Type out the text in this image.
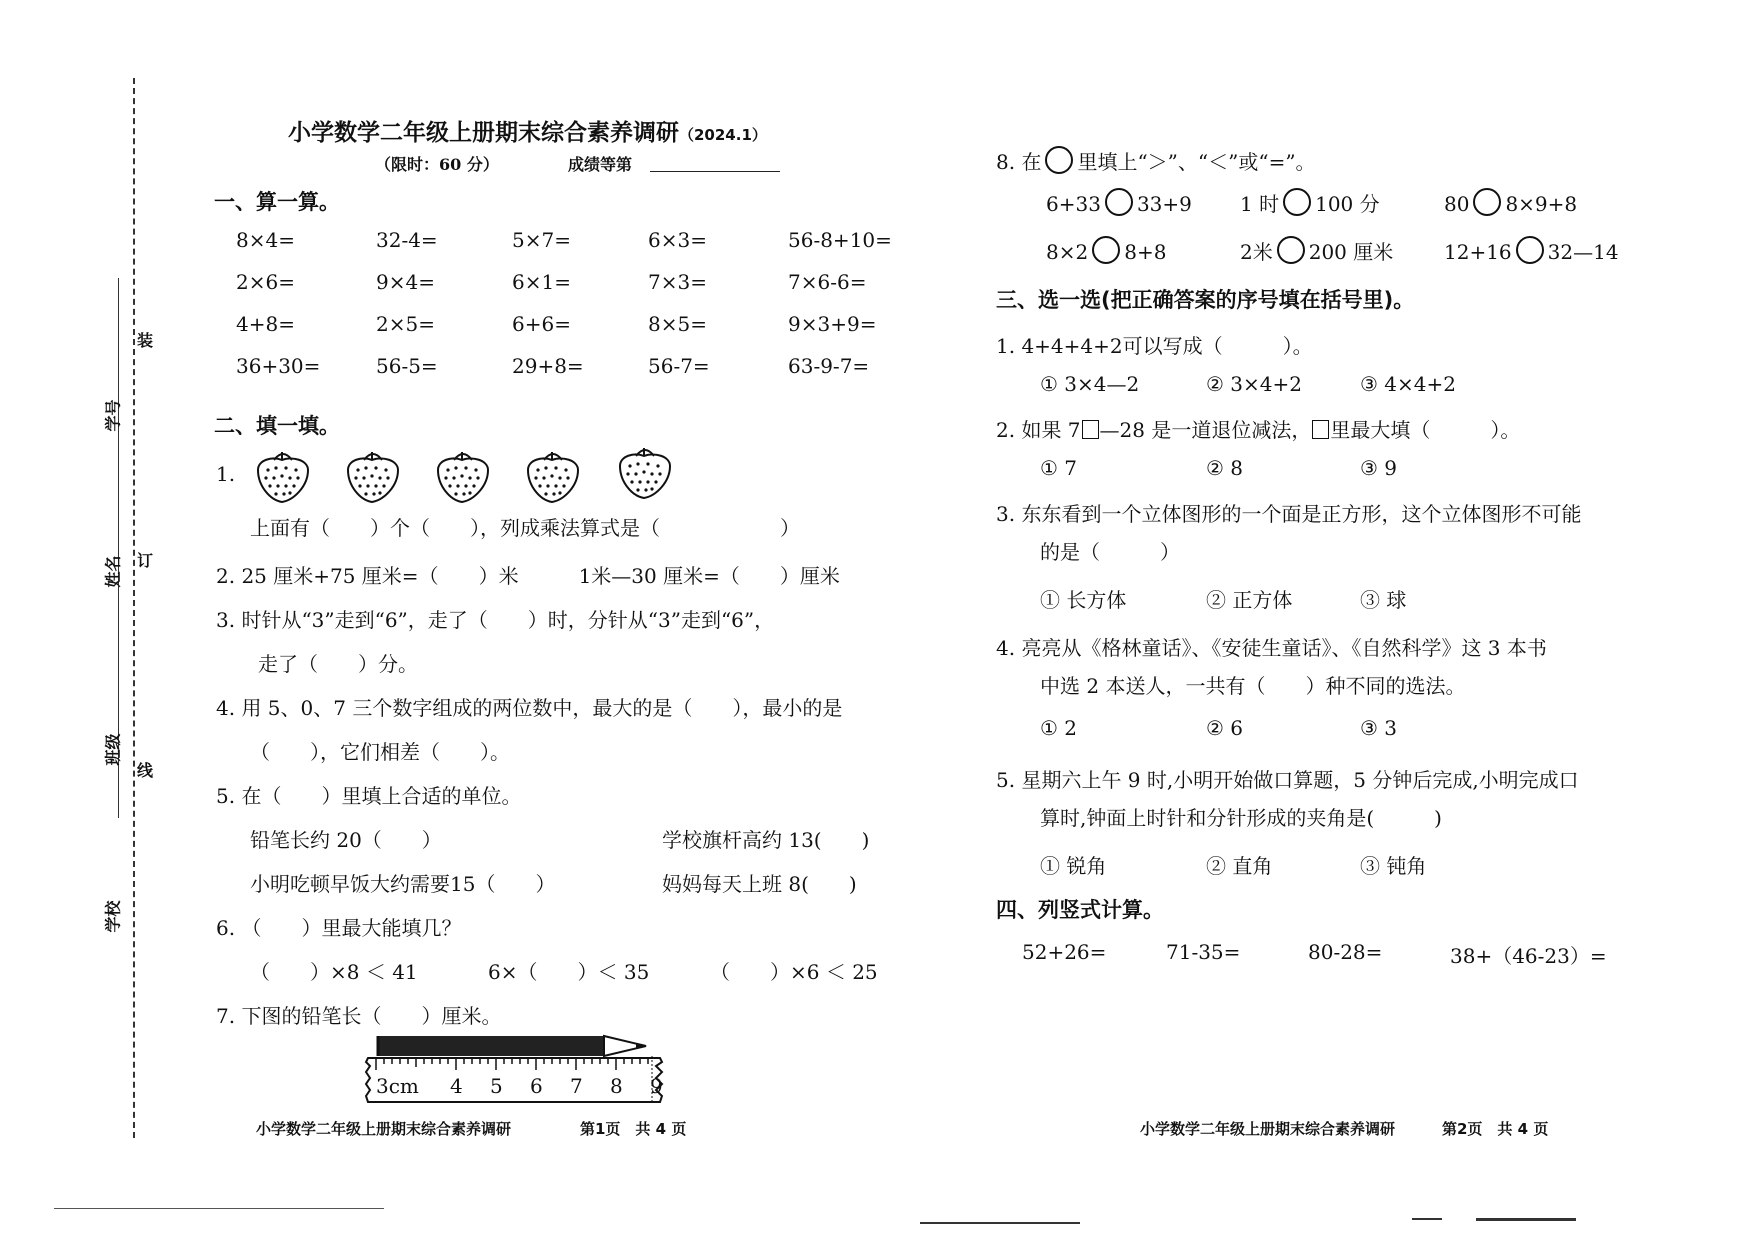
装
订
线
学号
姓名
班级
学校
小学数学二年级上册期末综合素养调研（2024.1）
（限时：60 分）	成绩等第
一、算一算。
8×4=	32-4=	5×7=	6×3=	56-8+10=
2×6=	9×4=	6×1=	7×3=	7×6-6=
4+8=	2×5=	6+6=	8×5=	9×3+9=
36+30=	56-5=	29+8=	56-7=	63-9-7=
二、填一填。
1.
上面有（　　）个（　　），列成乘法算式是（　　　　　　）
2. 25 厘米+75 厘米=（　　）米　　　1米—30 厘米=（　　）厘米
3. 时针从“3”走到“6”，走了（　　）时，分针从“3”走到“6”，
走了（　　）分。
4. 用 5、0、7 三个数字组成的两位数中，最大的是（　　），最小的是
（　　），它们相差（　　）。
5. 在（　　）里填上合适的单位。
铅笔长约 20（　　）	学校旗杆高约 13(　　)
小明吃顿早饭大约需要15（　　）	妈妈每天上班 8(　　)
6. （　　）里最大能填几？
（　　）×8 ＜ 41	6×（　　）＜ 35	（　　）×6 ＜ 25
7. 下图的铅笔长（　　）厘米。
3cm 4 5 6 7 8 9
小学数学二年级上册期末综合素养调研	第1页　共 4 页
8. 在 里填上“＞”、“＜”或“=”。
6+33 33+9 1 时 100 分	80 8×9+8
8×2 8+8	2米 200 厘米	12+16 32—14
三、选一选(把正确答案的序号填在括号里)。
1. 4+4+4+2可以写成（　　　）。
① 3×4—2	② 3×4+2	③ 4×4+2
2. 如果 7 —28 是一道退位减法， 里最大填（　　　）。
① 7	② 8	③ 9
3. 东东看到一个立体图形的一个面是正方形，这个立体图形不可能
的是（　　　）
① 长方体	② 正方体	③ 球
4. 亮亮从《格林童话》、《安徒生童话》、《自然科学》这 3 本书
中选 2 本送人，一共有（　　）种不同的选法。
① 2	② 6	③ 3
5. 星期六上午 9 时,小明开始做口算题，5 分钟后完成,小明完成口
算时,钟面上时针和分针形成的夹角是(　　　)
① 锐角	② 直角	③ 钝角
四、列竖式计算。
52+26=	71-35=	80-28=	38+（46-23）=
小学数学二年级上册期末综合素养调研	第2页　共 4 页
